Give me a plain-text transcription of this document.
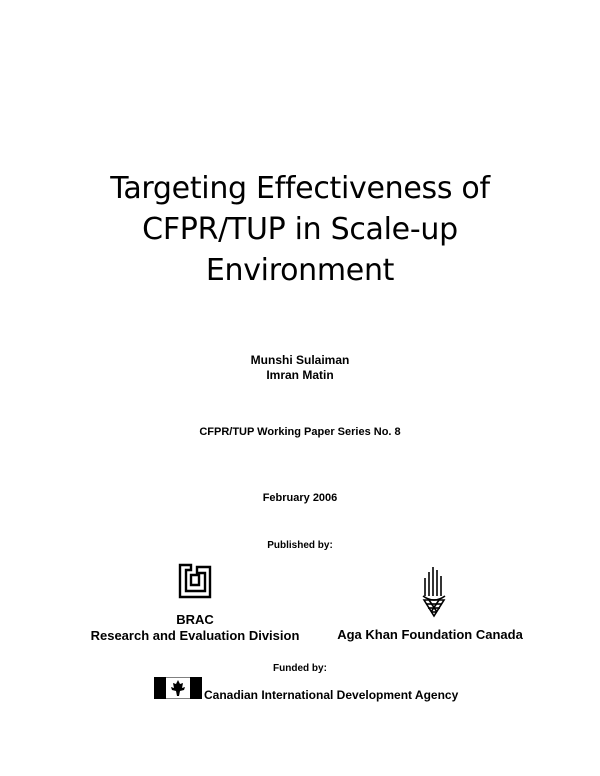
Targeting Effectiveness of
CFPR/TUP in Scale-up
Environment
Munshi Sulaiman
Imran Matin
CFPR/TUP Working Paper Series No. 8
February 2006
Published by:
BRAC
Research and Evaluation Division	Aga Khan Foundation Canada
Funded by:
Canadian International Development Agency
